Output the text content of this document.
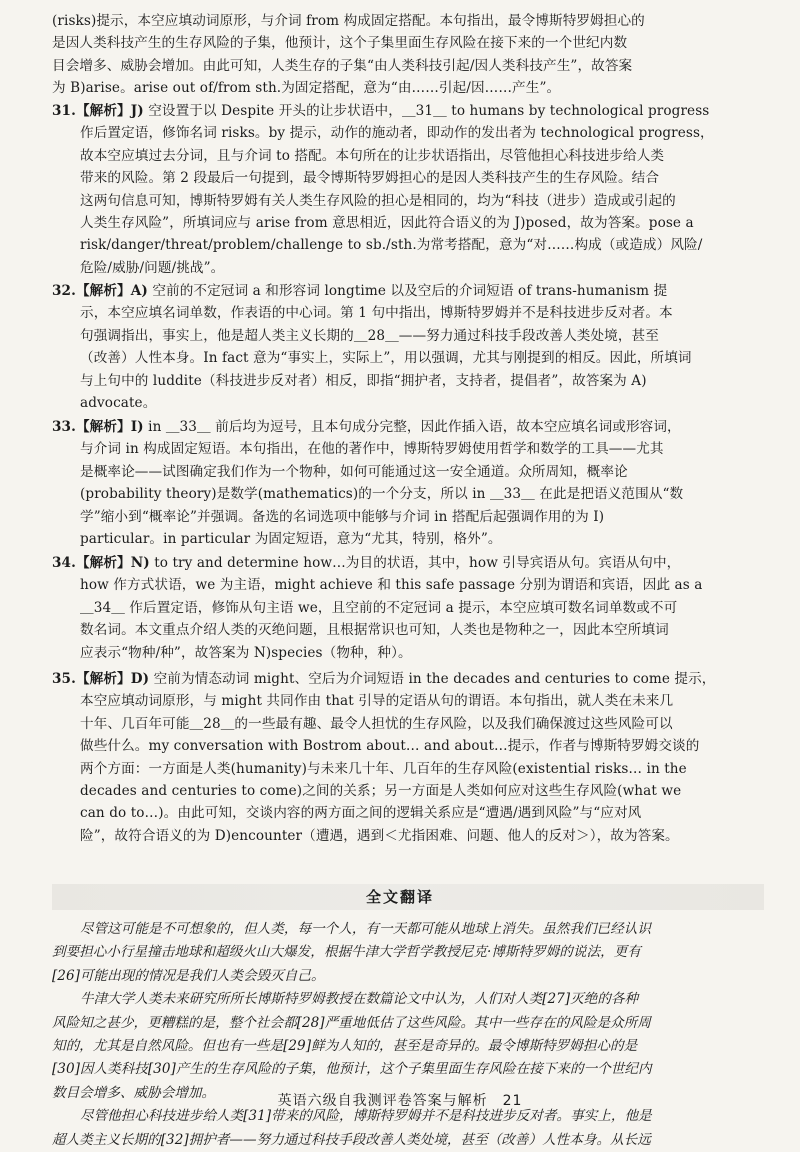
(risks)提示，本空应填动词原形，与介词 from 构成固定搭配。本句指出，最令博斯特罗姆担心的

是因人类科技产生的生存风险的子集，他预计，这个子集里面生存风险在接下来的一个世纪内数

目会增多、威胁会增加。由此可知，人类生存的子集“由人类科技引起/因人类科技产生”，故答案

为 B)arise。arise out of/from sth.为固定搭配，意为“由……引起/因……产生”。

31.【解析】J) 空设置于以 Despite 开头的让步状语中，＿31＿ to humans by technological progress

作后置定语，修饰名词 risks。by 提示，动作的施动者，即动作的发出者为 technological progress，

故本空应填过去分词，且与介词 to 搭配。本句所在的让步状语指出，尽管他担心科技进步给人类

带来的风险。第 2 段最后一句提到，最令博斯特罗姆担心的是因人类科技产生的生存风险。结合

这两句信息可知，博斯特罗姆有关人类生存风险的担心是相同的，均为“科技（进步）造成或引起的

人类生存风险”，所填词应与 arise from 意思相近，因此符合语义的为 J)posed，故为答案。pose a

risk/danger/threat/problem/challenge to sb./sth.为常考搭配，意为“对……构成（或造成）风险/

危险/威胁/问题/挑战”。

32.【解析】A) 空前的不定冠词 a 和形容词 longtime 以及空后的介词短语 of trans-humanism 提

示，本空应填名词单数，作表语的中心词。第 1 句中指出，博斯特罗姆并不是科技进步反对者。本

句强调指出，事实上，他是超人类主义长期的＿28＿——努力通过科技手段改善人类处境，甚至

（改善）人性本身。In fact 意为“事实上，实际上”，用以强调，尤其与刚提到的相反。因此，所填词

与上句中的 luddite（科技进步反对者）相反，即指“拥护者，支持者，提倡者”，故答案为 A)

advocate。

33.【解析】I) in ＿33＿ 前后均为逗号，且本句成分完整，因此作插入语，故本空应填名词或形容词，

与介词 in 构成固定短语。本句指出，在他的著作中，博斯特罗姆使用哲学和数学的工具——尤其

是概率论——试图确定我们作为一个物种，如何可能通过这一安全通道。众所周知，概率论

(probability theory)是数学(mathematics)的一个分支，所以 in ＿33＿ 在此是把语义范围从“数

学”缩小到“概率论”并强调。备选的名词选项中能够与介词 in 搭配后起强调作用的为 I)

particular。in particular 为固定短语，意为“尤其，特别，格外”。

34.【解析】N) to try and determine how…为目的状语，其中，how 引导宾语从句。宾语从句中，

how 作方式状语，we 为主语，might achieve 和 this safe passage 分别为谓语和宾语，因此 as a

＿34＿ 作后置定语，修饰从句主语 we，且空前的不定冠词 a 提示，本空应填可数名词单数或不可

数名词。本文重点介绍人类的灭绝问题，且根据常识也可知，人类也是物种之一，因此本空所填词

应表示“物种/种”，故答案为 N)species（物种，种）。

35.【解析】D) 空前为情态动词 might、空后为介词短语 in the decades and centuries to come 提示，

本空应填动词原形，与 might 共同作由 that 引导的定语从句的谓语。本句指出，就人类在未来几

十年、几百年可能＿28＿的一些最有趣、最令人担忧的生存风险，以及我们确保渡过这些风险可以

做些什么。my conversation with Bostrom about… and about…提示，作者与博斯特罗姆交谈的

两个方面：一方面是人类(humanity)与未来几十年、几百年的生存风险(existential risks… in the

decades and centuries to come)之间的关系；另一方面是人类如何应对这些生存风险(what we

can do to…)。由此可知，交谈内容的两方面之间的逻辑关系应是“遭遇/遇到风险”与“应对风

险”，故符合语义的为 D)encounter（遭遇，遇到＜尤指困难、问题、他人的反对＞），故为答案。

全文翻译

尽管这可能是不可想象的，但人类，每一个人，有一天都可能从地球上消失。虽然我们已经认识

到要担心小行星撞击地球和超级火山大爆发，根据牛津大学哲学教授尼克·博斯特罗姆的说法，更有

[26]可能出现的情况是我们人类会毁灭自己。

牛津大学人类未来研究所所长博斯特罗姆教授在数篇论文中认为，人们对人类[27]灭绝的各种

风险知之甚少，更糟糕的是，整个社会都[28]严重地低估了这些风险。其中一些存在的风险是众所周

知的，尤其是自然风险。但也有一些是[29]鲜为人知的，甚至是奇异的。最令博斯特罗姆担心的是

[30]因人类科技[30]产生的生存风险的子集，他预计，这个子集里面生存风险在接下来的一个世纪内

数目会增多、威胁会增加。

尽管他担心科技进步给人类[31]带来的风险，博斯特罗姆并不是科技进步反对者。事实上，他是

超人类主义长期的[32]拥护者——努力通过科技手段改善人类处境，甚至（改善）人性本身。从长远

英语六级自我测评卷答案与解析　21
